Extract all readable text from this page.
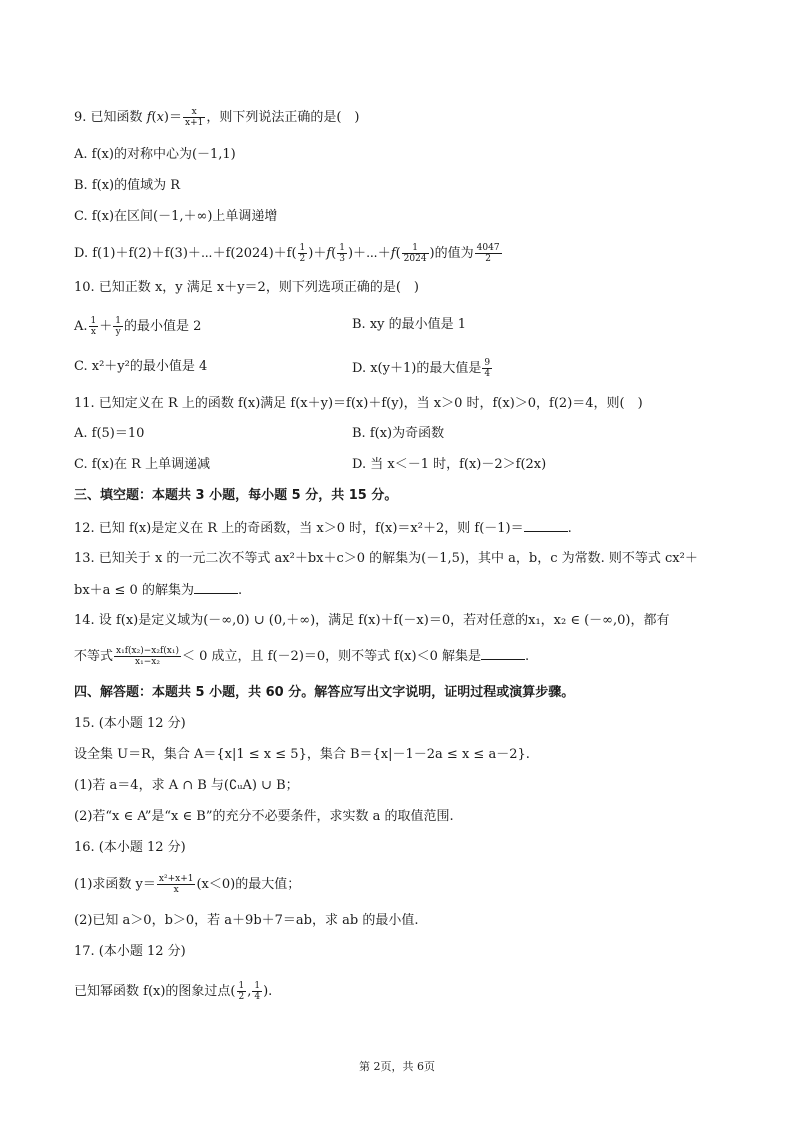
9. 已知函数 $f(x)= \frac{x}{x+1}$ ，则下列说法正确的是(　)
A. f(x)的对称中心为(－1,1)
B. f(x)的值域为 R
C. f(x)在区间(－1,＋∞)上单调递增
D. f(1)＋f(2)＋f(3)＋⋯＋f(2024)＋f( $\frac{1}{2} )+f( \frac{1}{3}$ )＋⋯＋f( $\frac{1}{2024}$ )的值为 $\frac{4047}{2}$
10. 已知正数 x，y 满足 x＋y＝2，则下列选项正确的是(　)
A. $\frac{1}{x} + \frac{1}{y}$ 的最小值是 2	B. xy 的最小值是 1
C. x²＋y²的最小值是 4	D. x(y＋1)的最大值是 $\frac{9}{4}$
11. 已知定义在 R 上的函数 f(x)满足 f(x＋y)＝f(x)＋f(y)，当 x＞0 时，f(x)＞0，f(2)＝4，则(　)
A. f(5)＝10	B. f(x)为奇函数
C. f(x)在 R 上单调递减	D. 当 x＜－1 时，f(x)－2＞f(2x)
三、填空题：本题共 3 小题，每小题 5 分，共 15 分。
12. 已知 f(x)是定义在 R 上的奇函数，当 x＞0 时，f(x)＝x²＋2，则 f(－1)＝	.
13. 已知关于 x 的一元二次不等式 ax²＋bx＋c＞0 的解集为(－1,5)，其中 a，b，c 为常数. 则不等式 cx²＋
bx＋a ≤ 0 的解集为	.
14. 设 f(x)是定义域为(－∞,0) ∪ (0,＋∞)，满足 f(x)＋f(－x)＝0，若对任意的x₁，x₂ ∈ (－∞,0)，都有
不等式 $\frac{\text{x₁f(x₂)−x₂f(x₁)}}{\text{x₁−x₂}} < 0$ 成立，且 f(－2)＝0，则不等式 f(x)＜0 解集是	.
四、解答题：本题共 5 小题，共 60 分。解答应写出文字说明，证明过程或演算步骤。
15. (本小题 12 分)
设全集 U＝R，集合 A＝{x|1 ≤ x ≤ 5}，集合 B＝{x|－1－2a ≤ x ≤ a－2}.
(1)若 a＝4，求 A ∩ B 与(∁ᵤA) ∪ B；
(2)若“x ∈ A”是“x ∈ B”的充分不必要条件，求实数 a 的取值范围.
16. (本小题 12 分)
(1)求函数 $y= \frac{\text{x²+x+1}}{x} (x<0)$的最大值；
(2)已知 a＞0，b＞0，若 a＋9b＋7＝ab，求 ab 的最小值.
17. (本小题 12 分)
已知幂函数 f(x)的图象过点( $\frac{1}{2}$ , $\frac{1}{4}$ ).
第 2页，共 6页
